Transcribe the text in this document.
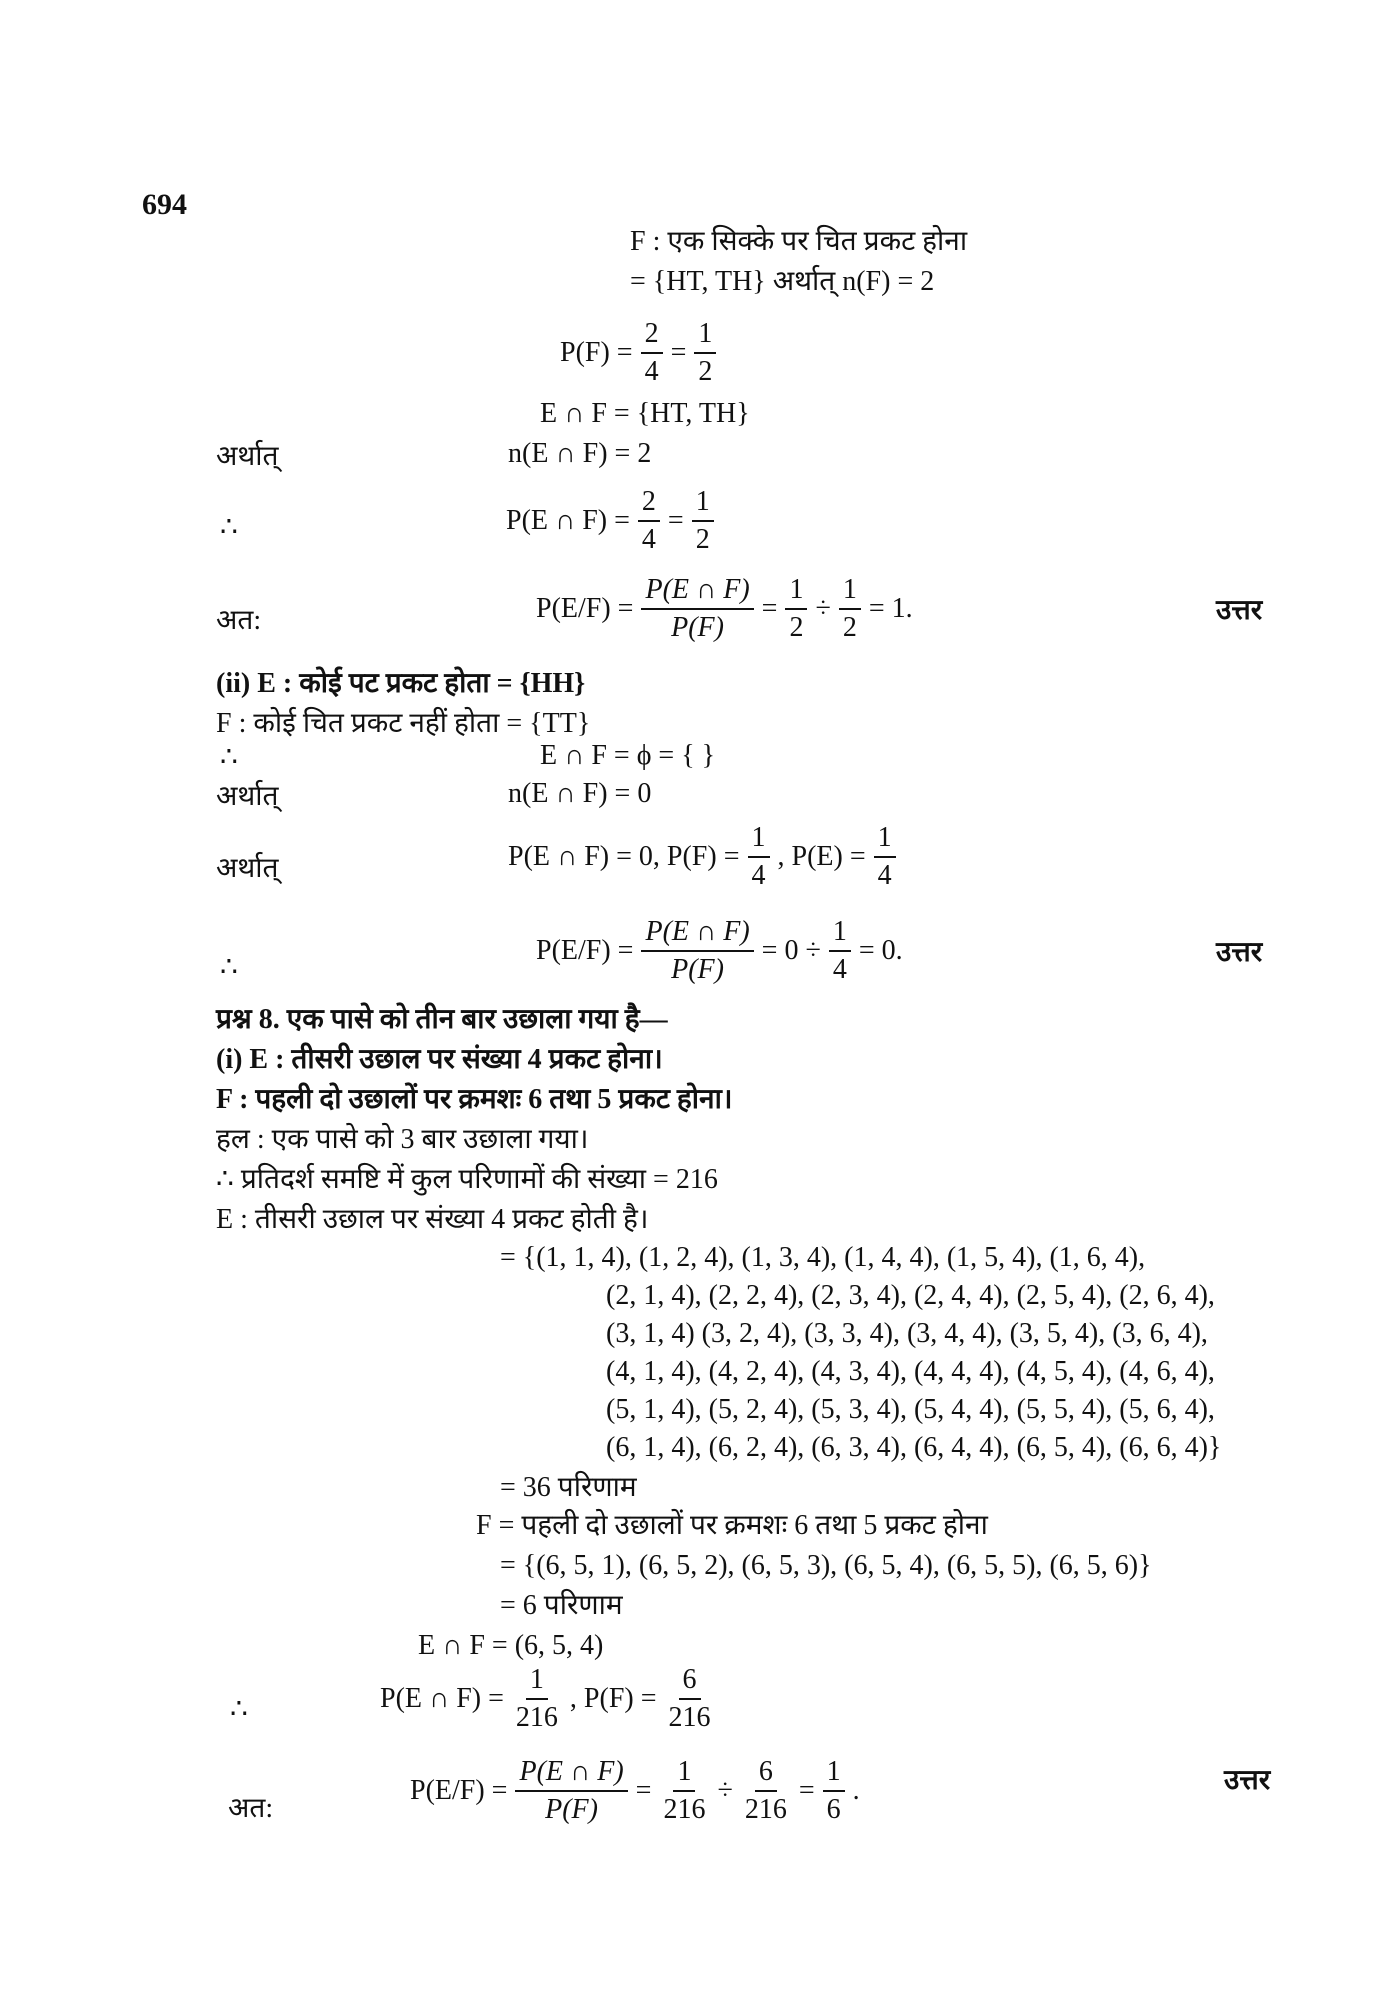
694
F : एक सिक्के पर चित प्रकट होना
= {HT, TH} अर्थात् n(F) = 2
$P(F) = \frac{2}{4} = \frac{1}{2}$
E ∩ F = {HT, TH}
अर्थात्	n(E ∩ F) = 2
∴	P(E ∩ $F) = \frac{2}{4} = \frac{1}{2}$
अत:	$P(E/F) = \frac{P(E \cap F)}{P(F)} = \frac{1}{2} \div \frac{1}{2} = 1$.	उत्तर
(ii) E : कोई पट प्रकट होता = {HH}
F : कोई चित प्रकट नहीं होता = {TT}
∴	E ∩ F = ϕ = { }
अर्थात्	n(E ∩ F) = 0
अर्थात्	P(E ∩ F) = 0, $P(F) = \frac{1}{4}$ , $P(E) = \frac{1}{4}$
∴
$P(E/F) = \frac{P(E \cap F)}{P(F)} = 0 \div \frac{1}{4} = 0$.	उत्तर
प्रश्न 8. एक पासे को तीन बार उछाला गया है—
(i) E : तीसरी उछाल पर संख्या 4 प्रकट होना।
F : पहली दो उछालों पर क्रमशः 6 तथा 5 प्रकट होना।
हल : एक पासे को 3 बार उछाला गया।
∴ प्रतिदर्श समष्टि में कुल परिणामों की संख्या = 216
E : तीसरी उछाल पर संख्या 4 प्रकट होती है।
= {(1, 1, 4), (1, 2, 4), (1, 3, 4), (1, 4, 4), (1, 5, 4), (1, 6, 4),
(2, 1, 4), (2, 2, 4), (2, 3, 4), (2, 4, 4), (2, 5, 4), (2, 6, 4),
(3, 1, 4) (3, 2, 4), (3, 3, 4), (3, 4, 4), (3, 5, 4), (3, 6, 4),
(4, 1, 4), (4, 2, 4), (4, 3, 4), (4, 4, 4), (4, 5, 4), (4, 6, 4),
(5, 1, 4), (5, 2, 4), (5, 3, 4), (5, 4, 4), (5, 5, 4), (5, 6, 4),
(6, 1, 4), (6, 2, 4), (6, 3, 4), (6, 4, 4), (6, 5, 4), (6, 6, 4)}
= 36 परिणाम
F = पहली दो उछालों पर क्रमशः 6 तथा 5 प्रकट होना
= {(6, 5, 1), (6, 5, 2), (6, 5, 3), (6, 5, 4), (6, 5, 5), (6, 5, 6)}
= 6 परिणाम
E ∩ F = (6, 5, 4)
∴	P(E ∩ $F) = \frac{1}{216}$ , $P(F) = \frac{6}{216}$
अत:
$P(E/F) = \frac{P(E \cap F)}{P(F)} = \frac{1}{216} \div \frac{6}{216} = \frac{1}{6}$ .	उत्तर
